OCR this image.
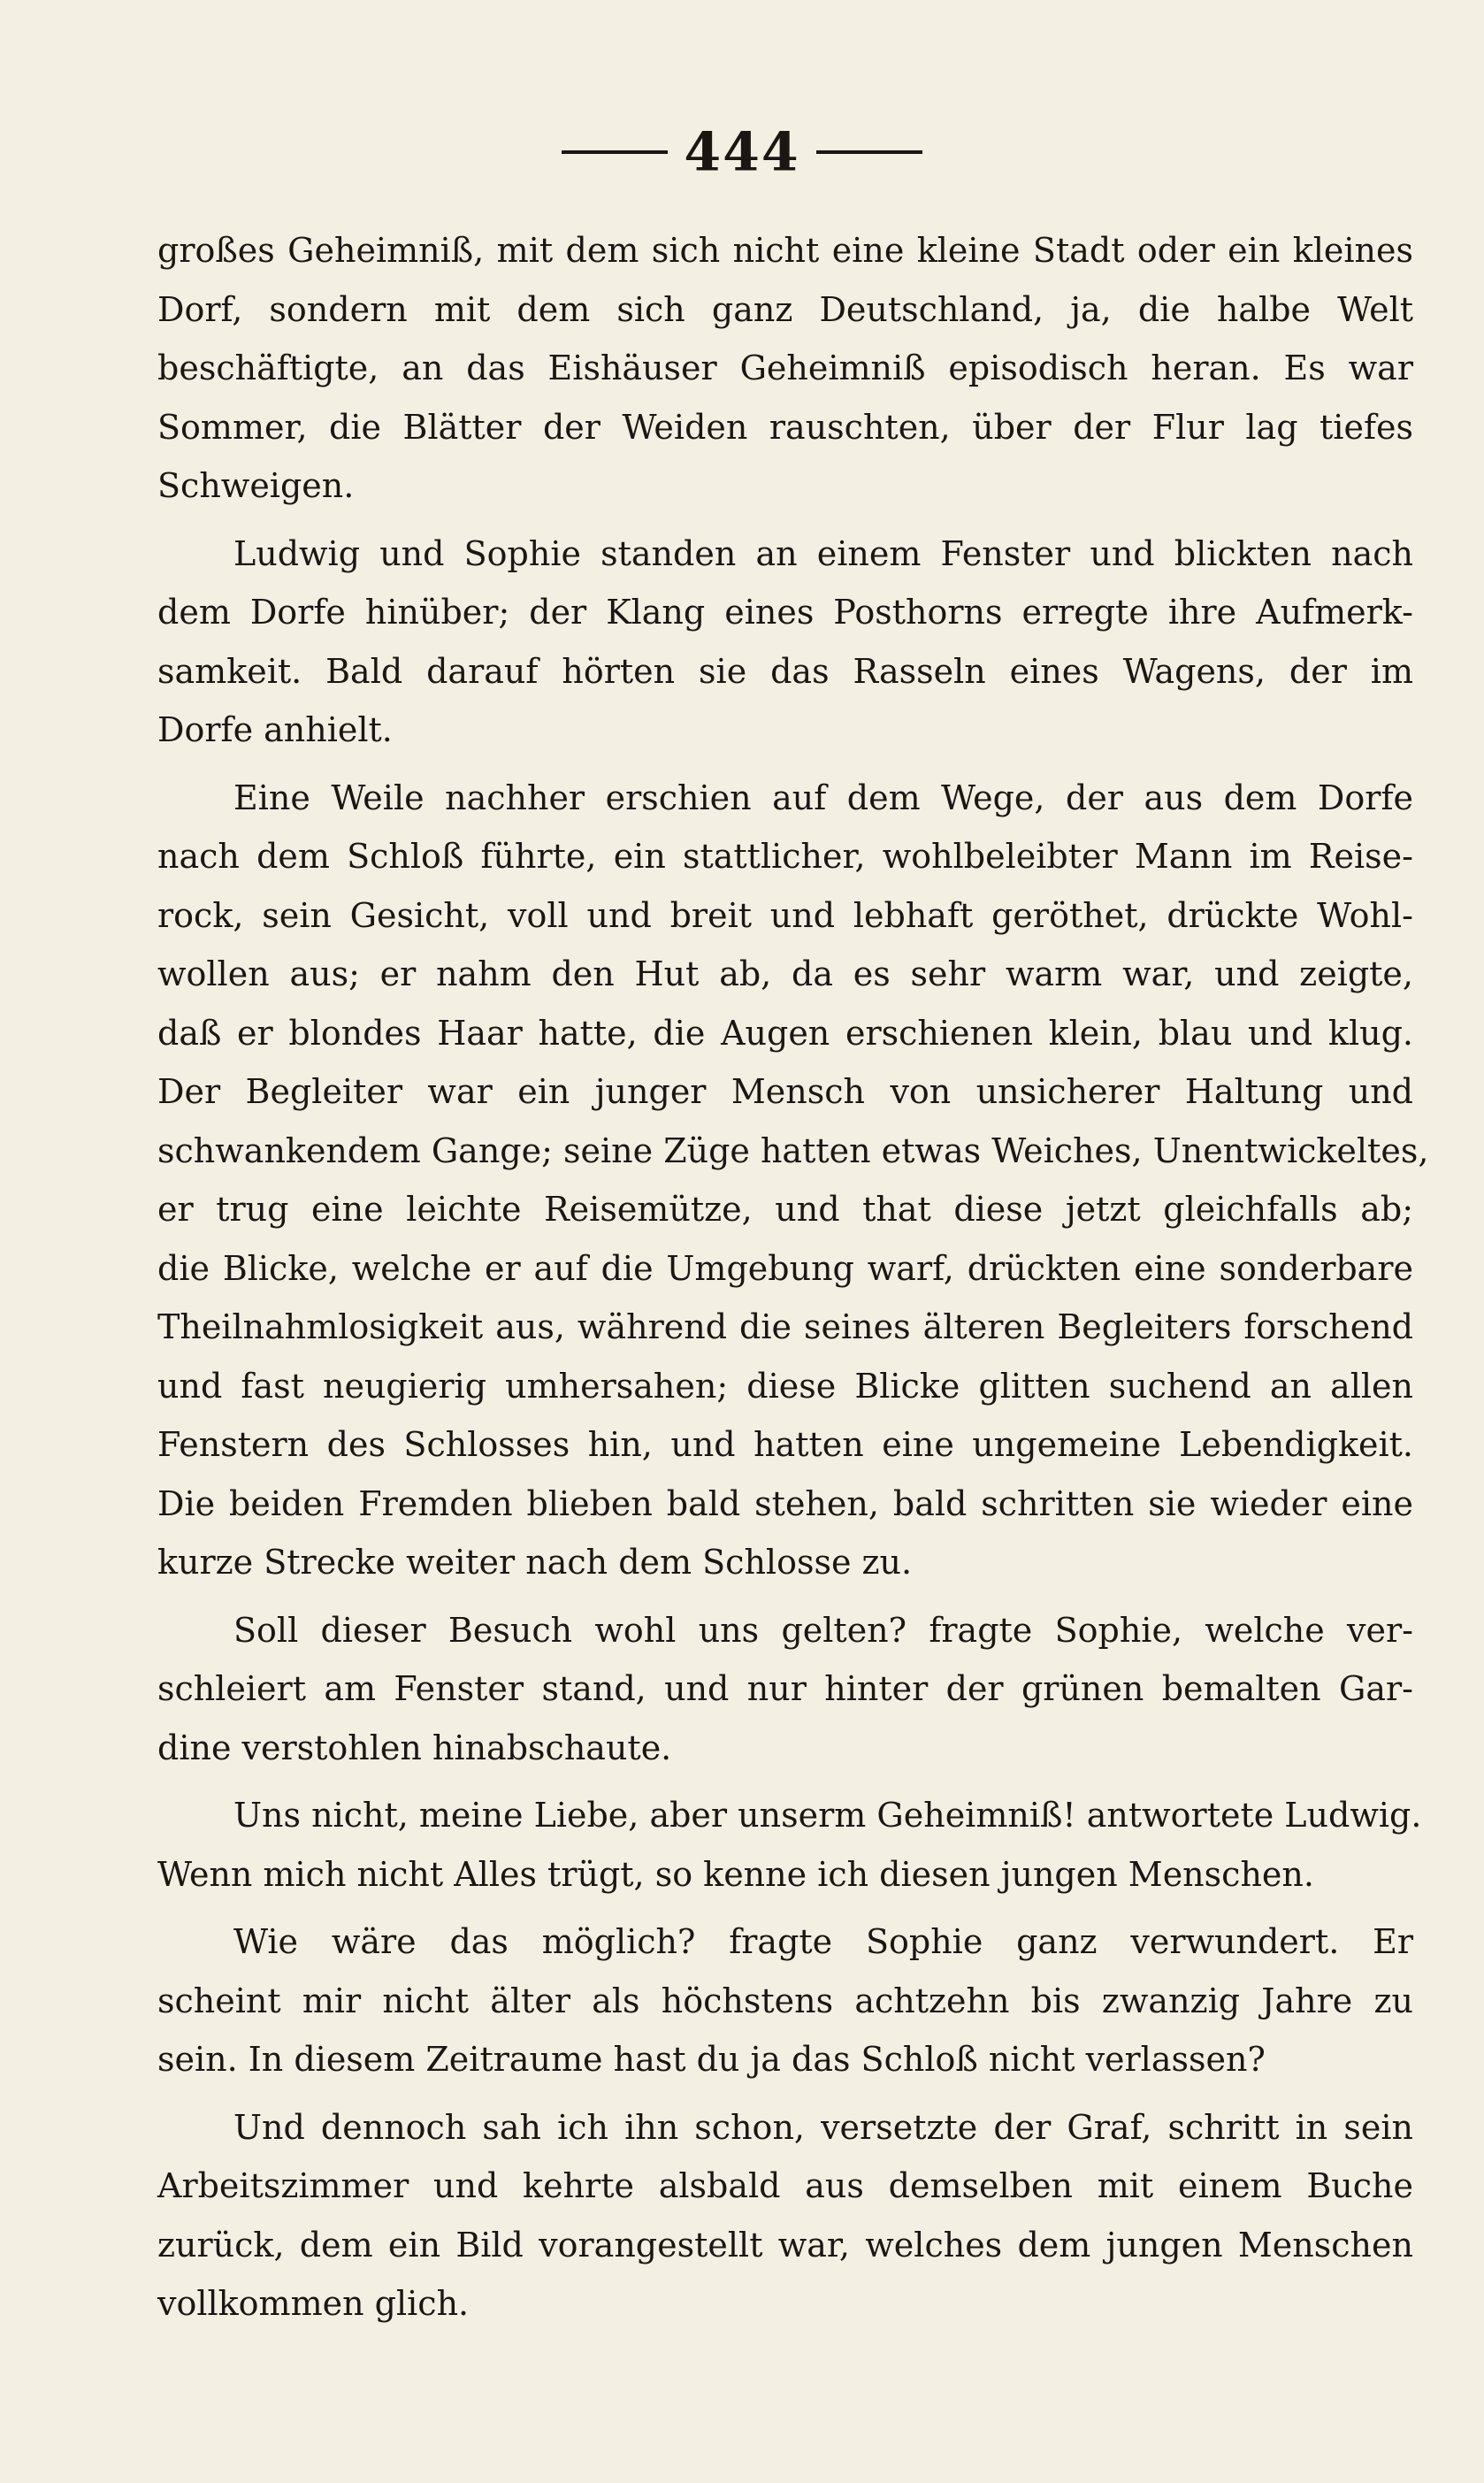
444
großes Geheimniß, mit dem sich nicht eine kleine Stadt oder ein kleines
Dorf, sondern mit dem sich ganz Deutschland, ja, die halbe Welt
beschäftigte, an das Eishäuser Geheimniß episodisch heran. Es war
Sommer, die Blätter der Weiden rauschten, über der Flur lag tiefes
Schweigen.
Ludwig und Sophie standen an einem Fenster und blickten nach
dem Dorfe hinüber; der Klang eines Posthorns erregte ihre Aufmerk-
samkeit. Bald darauf hörten sie das Rasseln eines Wagens, der im
Dorfe anhielt.
Eine Weile nachher erschien auf dem Wege, der aus dem Dorfe
nach dem Schloß führte, ein stattlicher, wohlbeleibter Mann im Reise-
rock, sein Gesicht, voll und breit und lebhaft geröthet, drückte Wohl-
wollen aus; er nahm den Hut ab, da es sehr warm war, und zeigte,
daß er blondes Haar hatte, die Augen erschienen klein, blau und klug.
Der Begleiter war ein junger Mensch von unsicherer Haltung und
schwankendem Gange; seine Züge hatten etwas Weiches, Unentwickeltes,
er trug eine leichte Reisemütze, und that diese jetzt gleichfalls ab;
die Blicke, welche er auf die Umgebung warf, drückten eine sonderbare
Theilnahmlosigkeit aus, während die seines älteren Begleiters forschend
und fast neugierig umhersahen; diese Blicke glitten suchend an allen
Fenstern des Schlosses hin, und hatten eine ungemeine Lebendigkeit.
Die beiden Fremden blieben bald stehen, bald schritten sie wieder eine
kurze Strecke weiter nach dem Schlosse zu.
Soll dieser Besuch wohl uns gelten? fragte Sophie, welche ver-
schleiert am Fenster stand, und nur hinter der grünen bemalten Gar-
dine verstohlen hinabschaute.
Uns nicht, meine Liebe, aber unserm Geheimniß! antwortete Ludwig.
Wenn mich nicht Alles trügt, so kenne ich diesen jungen Menschen.
Wie wäre das möglich? fragte Sophie ganz verwundert. Er
scheint mir nicht älter als höchstens achtzehn bis zwanzig Jahre zu
sein. In diesem Zeitraume hast du ja das Schloß nicht verlassen?
Und dennoch sah ich ihn schon, versetzte der Graf, schritt in sein
Arbeitszimmer und kehrte alsbald aus demselben mit einem Buche
zurück, dem ein Bild vorangestellt war, welches dem jungen Menschen
vollkommen glich.
